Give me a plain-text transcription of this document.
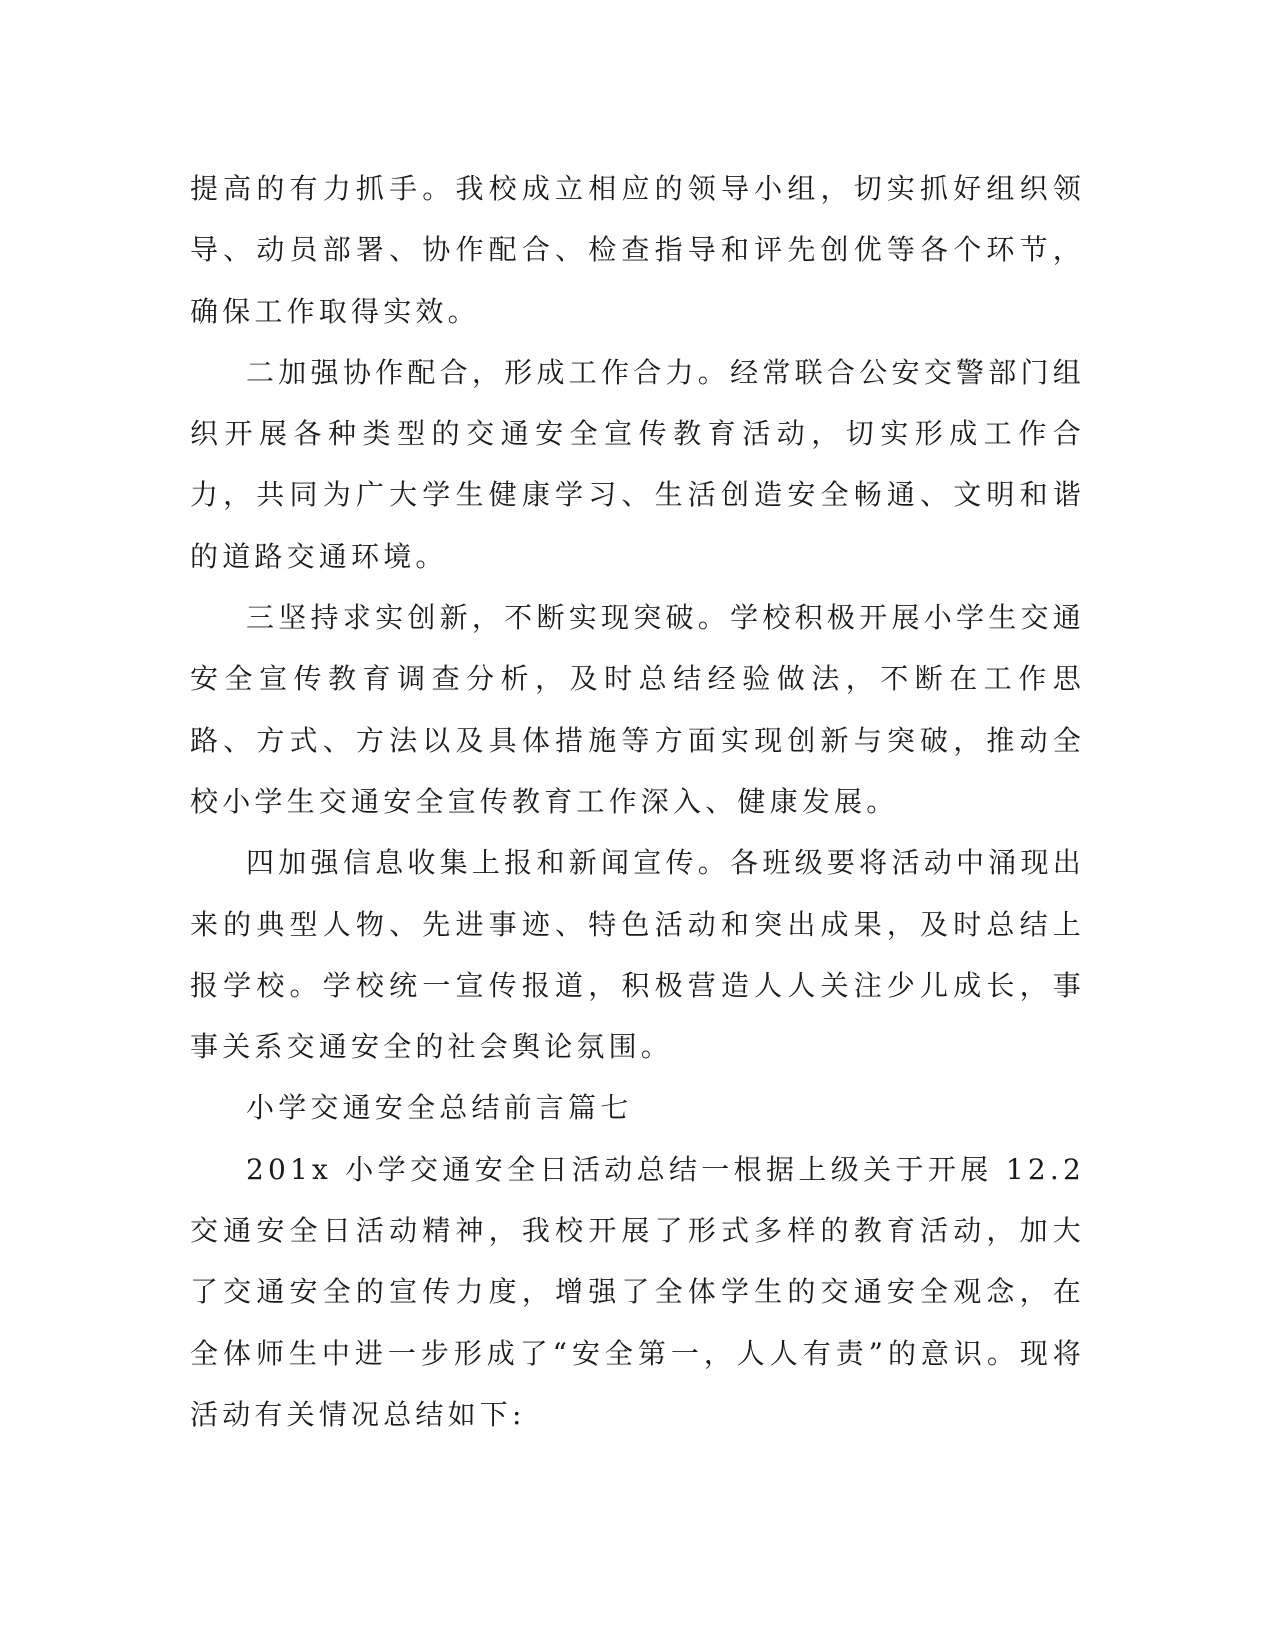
提高的有力抓手。我校成立相应的领导小组，切实抓好组织领导、动员部署、协作配合、检查指导和评先创优等各个环节，确保工作取得实效。

二加强协作配合，形成工作合力。经常联合公安交警部门组织开展各种类型的交通安全宣传教育活动，切实形成工作合力，共同为广大学生健康学习、生活创造安全畅通、文明和谐的道路交通环境。

三坚持求实创新，不断实现突破。学校积极开展小学生交通安全宣传教育调查分析，及时总结经验做法，不断在工作思路、方式、方法以及具体措施等方面实现创新与突破，推动全校小学生交通安全宣传教育工作深入、健康发展。

四加强信息收集上报和新闻宣传。各班级要将活动中涌现出来的典型人物、先进事迹、特色活动和突出成果，及时总结上报学校。学校统一宣传报道，积极营造人人关注少儿成长，事事关系交通安全的社会舆论氛围。

小学交通安全总结前言篇七

201x 小学交通安全日活动总结一根据上级关于开展 12.2 交通安全日活动精神，我校开展了形式多样的教育活动，加大了交通安全的宣传力度，增强了全体学生的交通安全观念，在全体师生中进一步形成了“安全第一，人人有责”的意识。现将活动有关情况总结如下:
